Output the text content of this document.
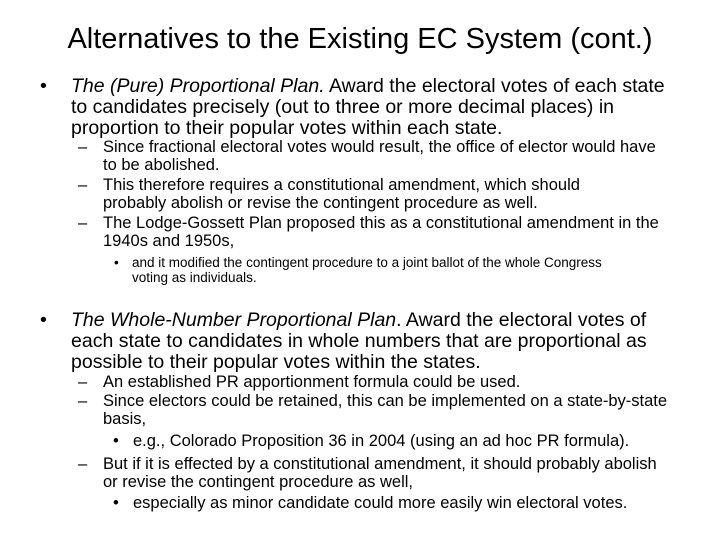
Alternatives to the Existing EC System (cont.)
• The (Pure) Proportional Plan. Award the electoral votes of each state to candidates precisely (out to three or more decimal places) in proportion to their popular votes within each state.
– Since fractional electoral votes would result, the office of elector would have to be abolished.
– This therefore requires a constitutional amendment, which should probably abolish or revise the contingent procedure as well.
– The Lodge-Gossett Plan proposed this as a constitutional amendment in the 1940s and 1950s,
• and it modified the contingent procedure to a joint ballot of the whole Congress voting as individuals.
• The Whole-Number Proportional Plan. Award the electoral votes of each state to candidates in whole numbers that are proportional as possible to their popular votes within the states.
– An established PR apportionment formula could be used.
– Since electors could be retained, this can be implemented on a state-by-state basis,
• e.g., Colorado Proposition 36 in 2004 (using an ad hoc PR formula).
– But if it is effected by a constitutional amendment, it should probably abolish or revise the contingent procedure as well,
• especially as minor candidate could more easily win electoral votes.
